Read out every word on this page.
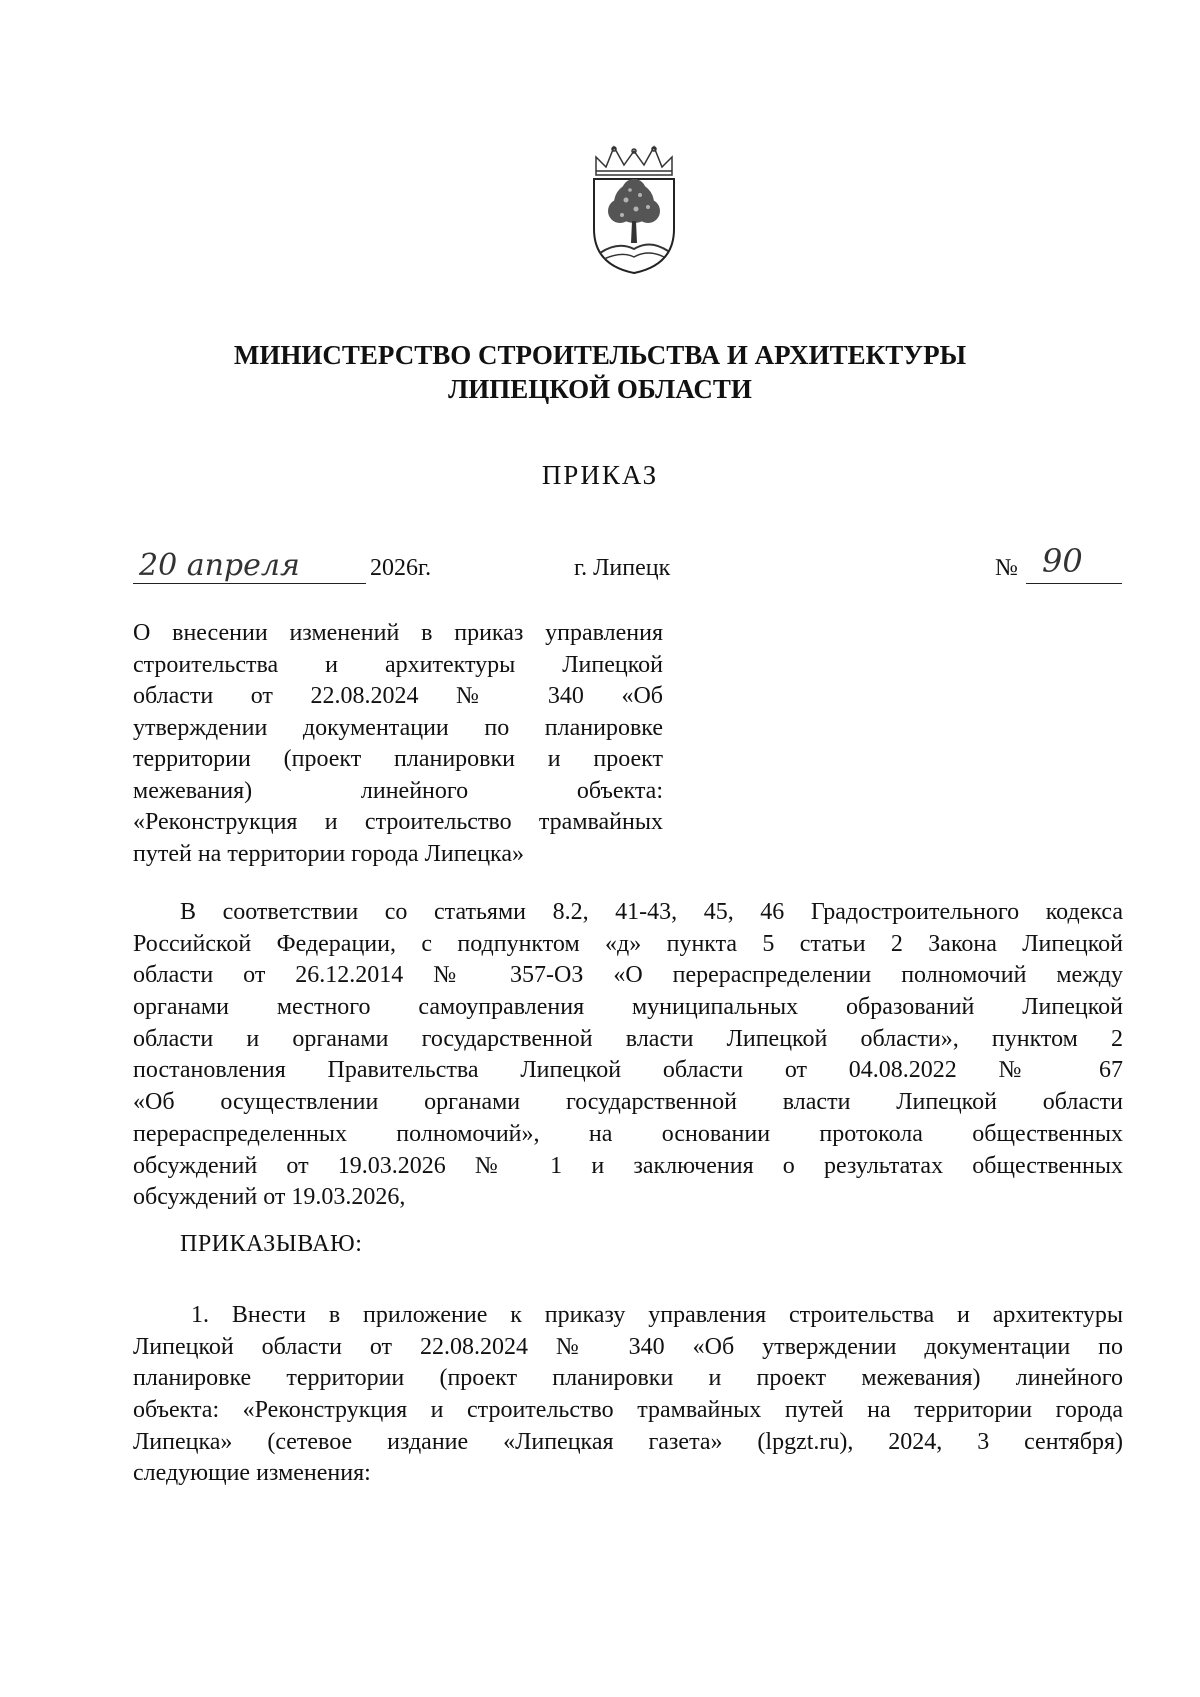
МИНИСТЕРСТВО СТРОИТЕЛЬСТВА И АРХИТЕКТУРЫ
ЛИПЕЦКОЙ ОБЛАСТИ
ПРИКАЗ
20 апреля	2026г.	г. Липецк	№ 90
О внесении изменений в приказ управления
строительства и архитектуры Липецкой
области от 22.08.2024 № 340 «Об
утверждении документации по планировке
территории (проект планировки и проект
межевания) линейного объекта:
«Реконструкция и строительство трамвайных
путей на территории города Липецка»
В соответствии со статьями 8.2, 41-43, 45, 46 Градостроительного кодекса
Российской Федерации, с подпунктом «д» пункта 5 статьи 2 Закона Липецкой
области от 26.12.2014 № 357-ОЗ «О перераспределении полномочий между
органами местного самоуправления муниципальных образований Липецкой
области и органами государственной власти Липецкой области», пунктом 2
постановления Правительства Липецкой области от 04.08.2022 № 67
«Об осуществлении органами государственной власти Липецкой области
перераспределенных полномочий», на основании протокола общественных
обсуждений от 19.03.2026 № 1 и заключения о результатах общественных
обсуждений от 19.03.2026,
ПРИКАЗЫВАЮ:
1. Внести в приложение к приказу управления строительства и архитектуры
Липецкой области от 22.08.2024 № 340 «Об утверждении документации по
планировке территории (проект планировки и проект межевания) линейного
объекта: «Реконструкция и строительство трамвайных путей на территории города
Липецка» (сетевое издание «Липецкая газета» (lpgzt.ru), 2024, 3 сентября)
следующие изменения:
